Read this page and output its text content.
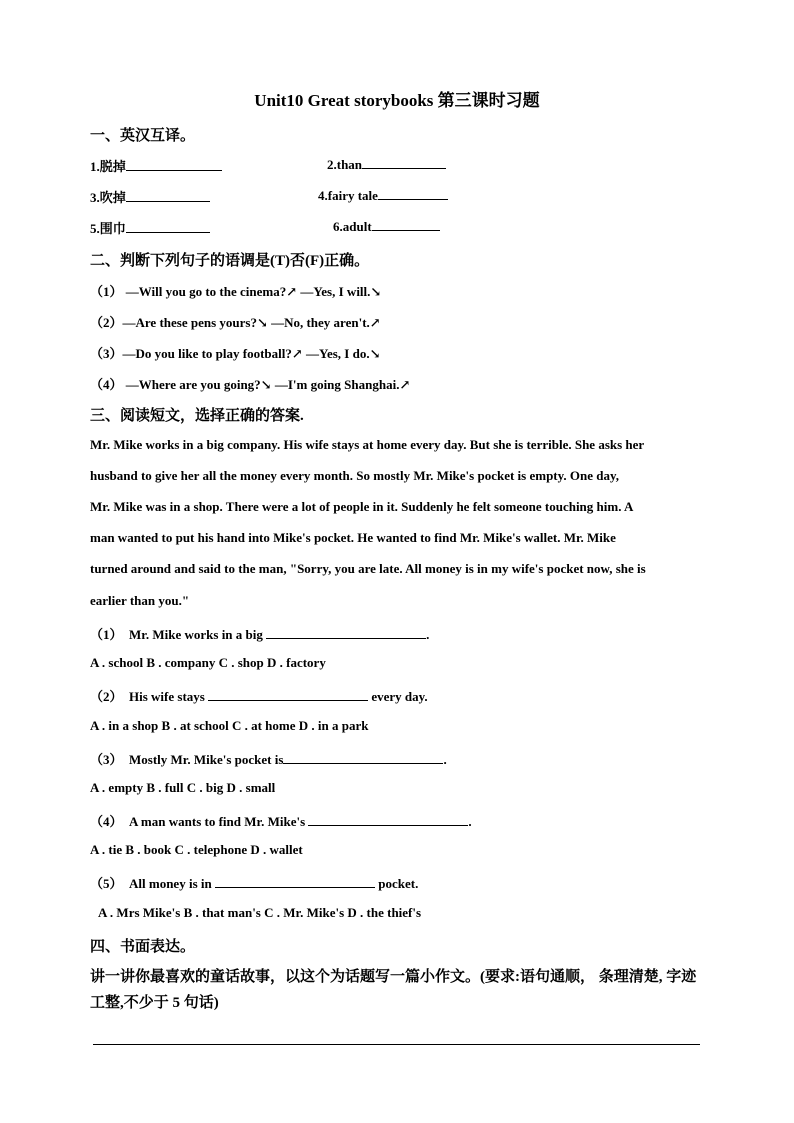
Unit10 Great storybooks 第三课时习题
一、英汉互译。
1.脱掉	2.than
3.吹掉	4.fairy tale
5.围巾	6.adult
二、判断下列句子的语调是(T)否(F)正确。
（1） —Will you go to the cinema?↗ —Yes, I will.↘
（2）—Are these pens yours?↘ —No, they aren't.↗
（3）—Do you like to play football?↗ —Yes, I do.↘
（4） —Where are you going?↘ —I'm going Shanghai.↗
三、阅读短文，选择正确的答案.
Mr. Mike works in a big company. His wife stays at home every day. But she is terrible. She asks her
husband to give her all the money every month. So mostly Mr. Mike's pocket is empty. One day,
Mr. Mike was in a shop. There were a lot of people in it. Suddenly he felt someone touching him. A
man wanted to put his hand into Mike's pocket. He wanted to find Mr. Mike's wallet. Mr. Mike
turned around and said to the man, "Sorry, you are late. All money is in my wife's pocket now, she is
earlier than you."
（1） Mr. Mike works in a big	.
A . school B . company C . shop D . factory
（2） His wife stays	every day.
A . in a shop B . at school C . at home D . in a park
（3） Mostly Mr. Mike's pocket is	.
A . empty B . full C . big D . small
（4） A man wants to find Mr. Mike's	.
A . tie B . book C . telephone D . wallet
（5） All money is in	pocket.
A . Mrs Mike's B . that man's C . Mr. Mike's D . the thief's
四、书面表达。
讲一讲你最喜欢的童话故事，以这个为话题写一篇小作文。(要求:语句通顺， 条理清楚, 字迹工整,不少于 5 句话)
